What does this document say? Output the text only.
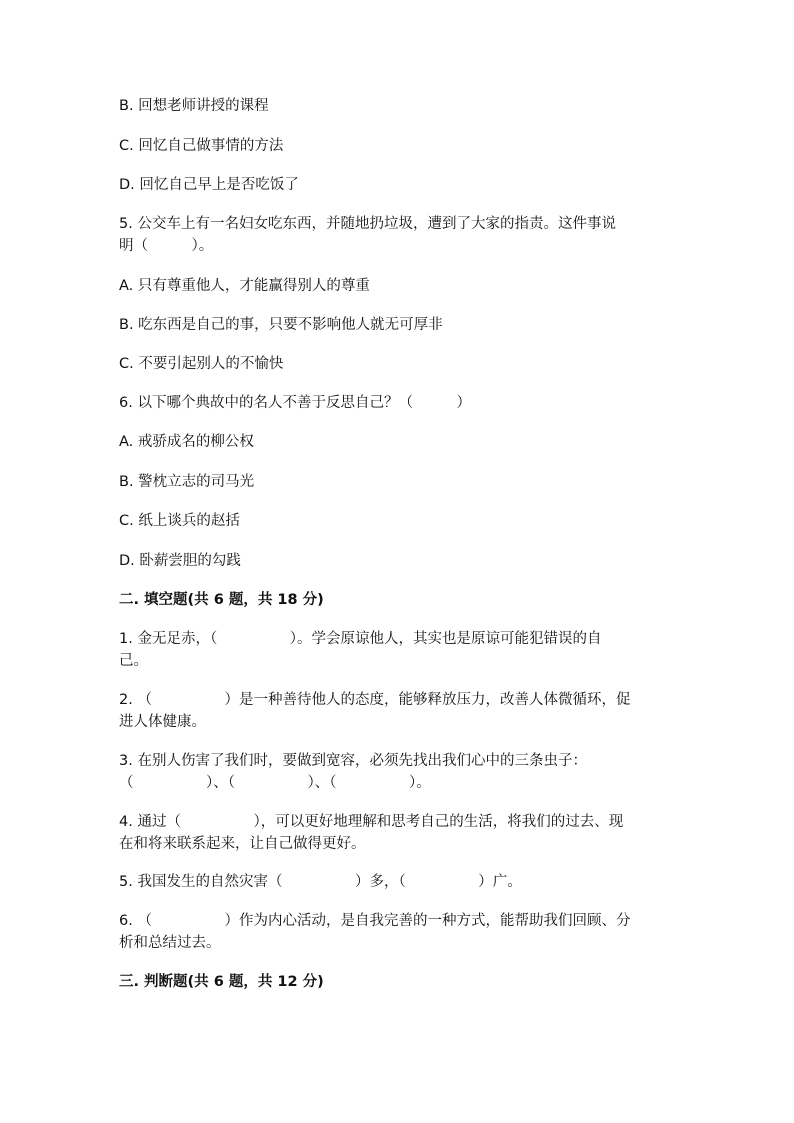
B. 回想老师讲授的课程
C. 回忆自己做事情的方法
D. 回忆自己早上是否吃饭了
5. 公交车上有一名妇女吃东西，并随地扔垃圾，遭到了大家的指责。这件事说
明（　　　）。
A. 只有尊重他人，才能赢得别人的尊重
B. 吃东西是自己的事，只要不影响他人就无可厚非
C. 不要引起别人的不愉快
6. 以下哪个典故中的名人不善于反思自己？（　　　）
A. 戒骄成名的柳公权
B. 警枕立志的司马光
C. 纸上谈兵的赵括
D. 卧薪尝胆的勾践
二. 填空题(共 6 题，共 18 分)
1. 金无足赤，（　　　　　）。学会原谅他人，其实也是原谅可能犯错误的自
己。
2. （　　　　　）是一种善待他人的态度，能够释放压力，改善人体微循环，促
进人体健康。
3. 在别人伤害了我们时，要做到宽容，必须先找出我们心中的三条虫子：
（　　　　　）、（　　　　　）、（　　　　　）。
4. 通过（　　　　　），可以更好地理解和思考自己的生活，将我们的过去、现
在和将来联系起来，让自己做得更好。
5. 我国发生的自然灾害（　　　　　）多，（　　　　　）广。
6. （　　　　　）作为内心活动，是自我完善的一种方式，能帮助我们回顾、分
析和总结过去。
三. 判断题(共 6 题，共 12 分)
